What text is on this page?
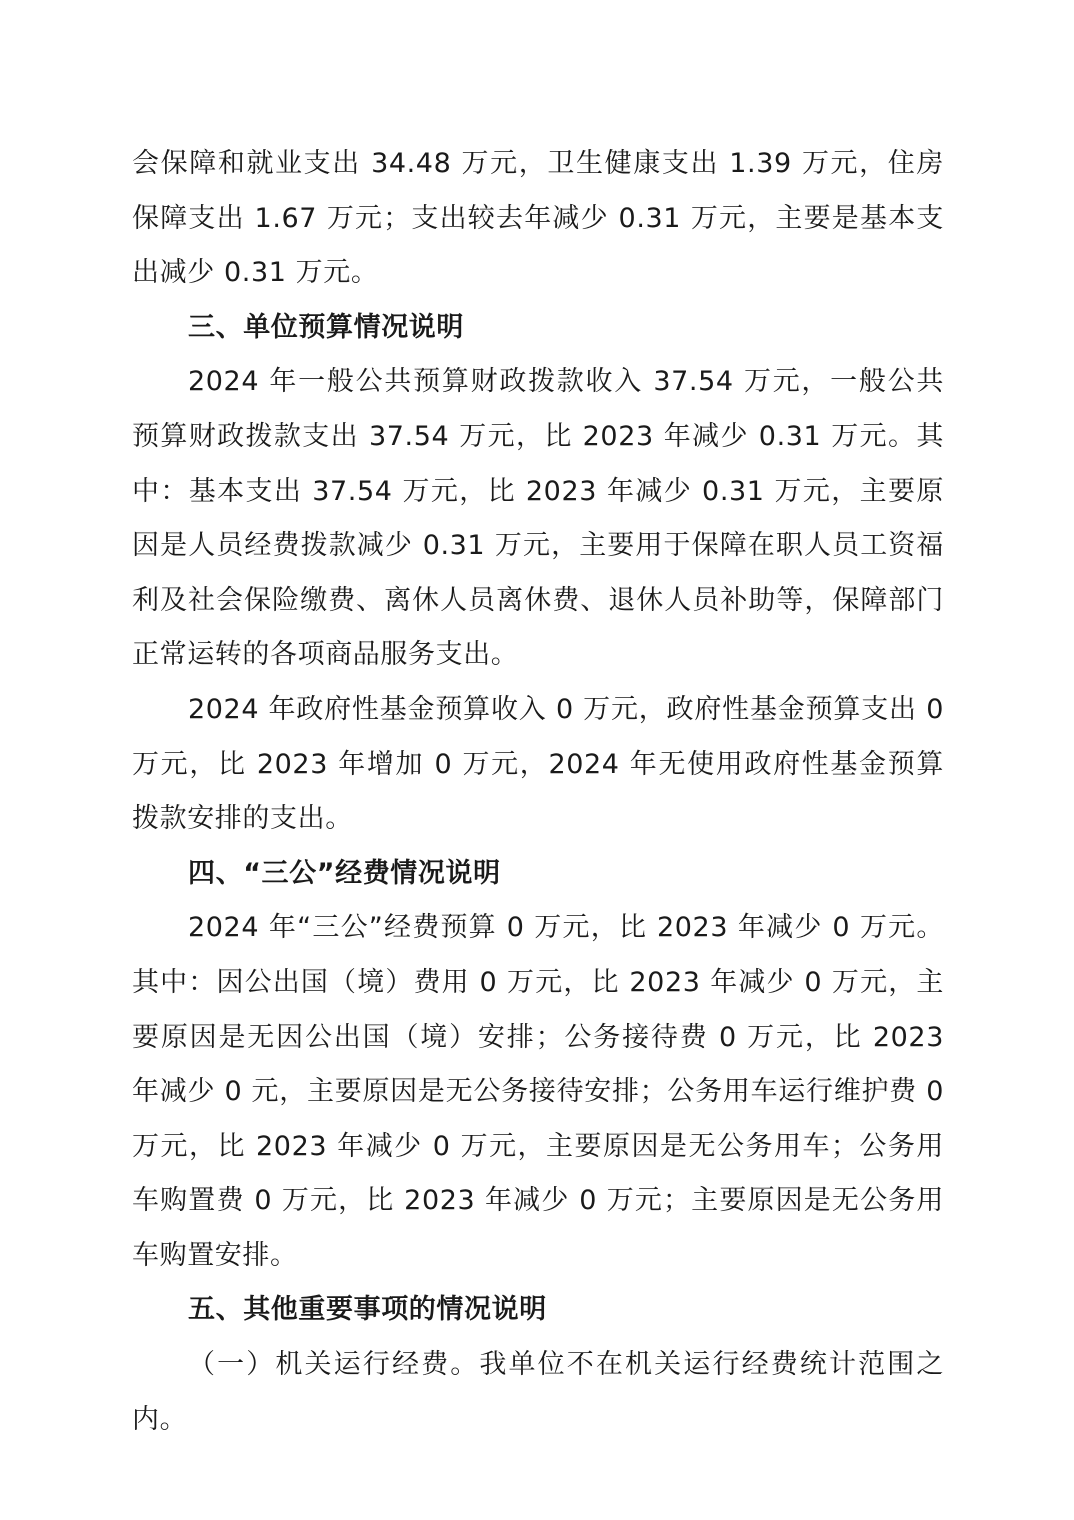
会保障和就业支出 34.48 万元，卫生健康支出 1.39 万元，住房保障支出 1.67 万元；支出较去年减少 0.31 万元，主要是基本支出减少 0.31 万元。

三、单位预算情况说明

2024 年一般公共预算财政拨款收入 37.54 万元，一般公共预算财政拨款支出 37.54 万元，比 2023 年减少 0.31 万元。其中：基本支出 37.54 万元，比 2023 年减少 0.31 万元，主要原因是人员经费拨款减少 0.31 万元，主要用于保障在职人员工资福利及社会保险缴费、离休人员离休费、退休人员补助等，保障部门正常运转的各项商品服务支出。

2024 年政府性基金预算收入 0 万元，政府性基金预算支出 0 万元，比 2023 年增加 0 万元，2024 年无使用政府性基金预算拨款安排的支出。

四、“三公”经费情况说明

2024 年“三公”经费预算 0 万元，比 2023 年减少 0 万元。其中：因公出国（境）费用 0 万元，比 2023 年减少 0 万元，主要原因是无因公出国（境）安排；公务接待费 0 万元，比 2023 年减少 0 元，主要原因是无公务接待安排；公务用车运行维护费 0 万元，比 2023 年减少 0 万元，主要原因是无公务用车；公务用车购置费 0 万元，比 2023 年减少 0 万元；主要原因是无公务用车购置安排。

五、其他重要事项的情况说明

（一）机关运行经费。我单位不在机关运行经费统计范围之内。
